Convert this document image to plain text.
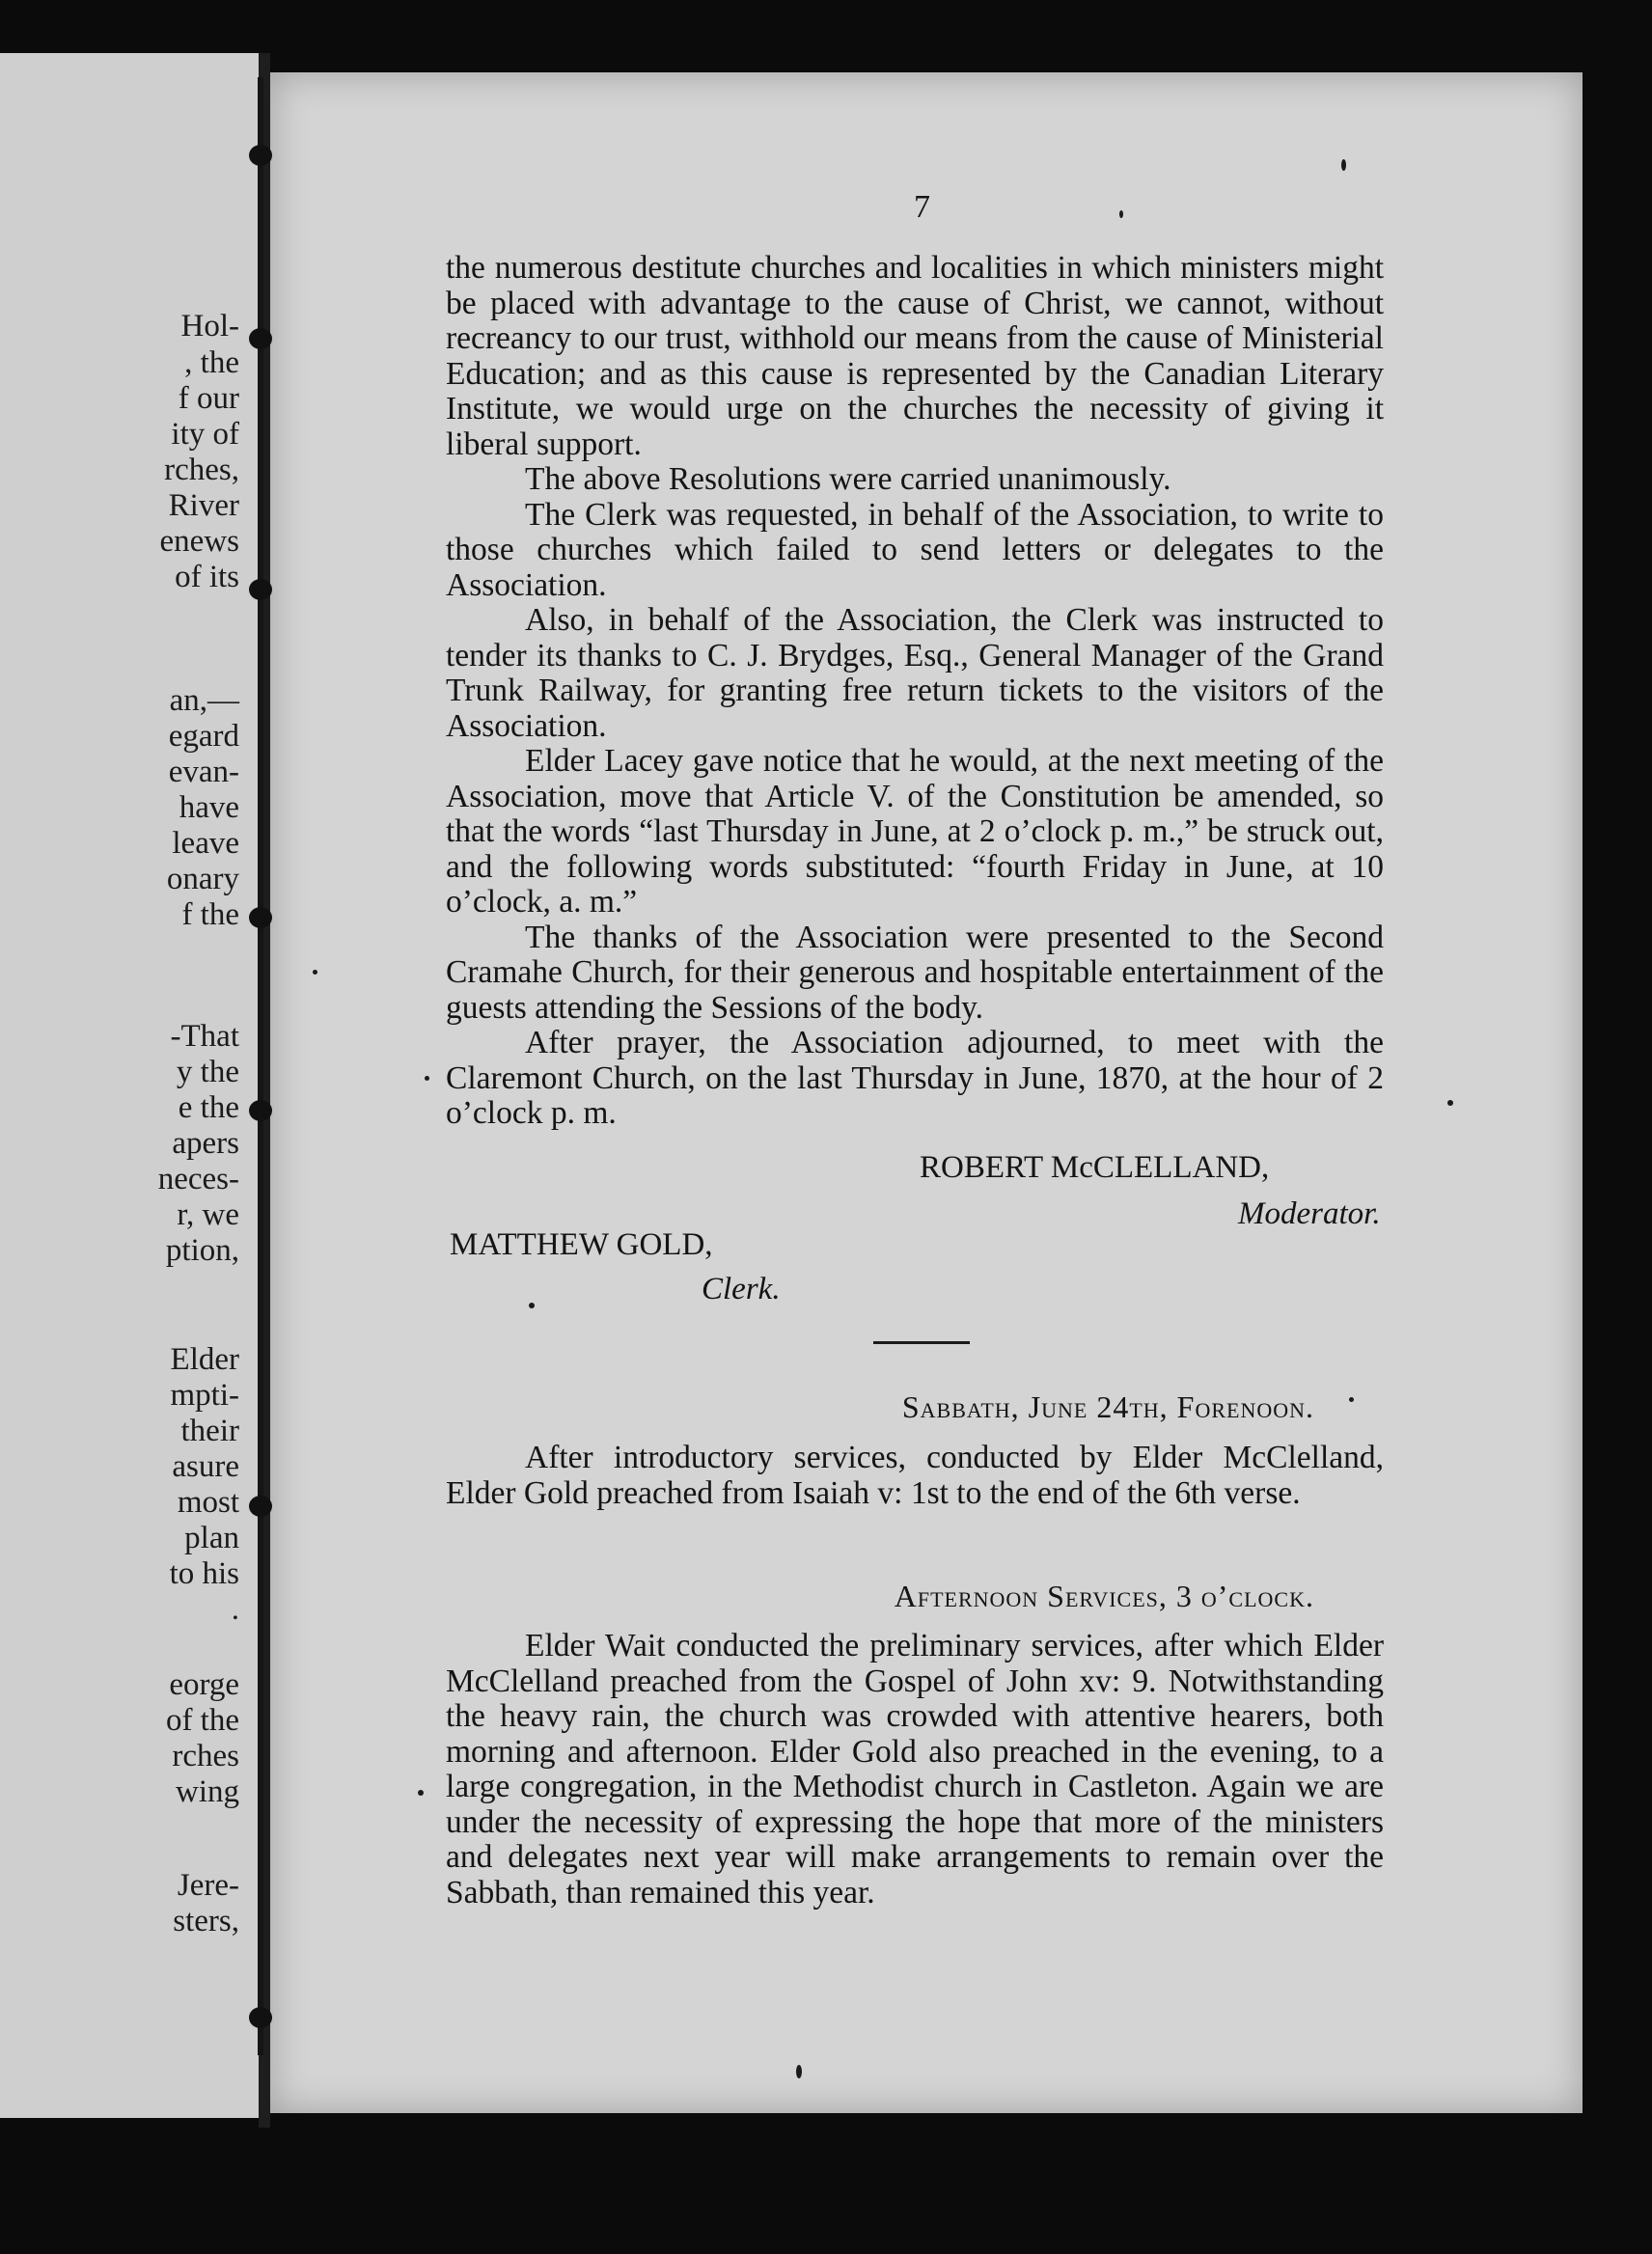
Hol-
, the
f our
ity of
rches,
River
enews
of its
an,—
egard
evan-
have
leave
onary
f the
-That
y the
e the
apers
neces-
r, we
ption,
Elder
mpti-
their
asure
most
plan
to his
.
eorge
of the
rches
wing
Jere-
sters,
7

the numerous destitute churches and localities in which ministers might be placed with advantage to the cause of Christ, we cannot, without recreancy to our trust, withhold our means from the cause of Ministerial Education; and as this cause is represented by the Canadian Literary Institute, we would urge on the churches the necessity of giving it liberal support.

The above Resolutions were carried unanimously.

The Clerk was requested, in behalf of the Association, to write to those churches which failed to send letters or delegates to the Association.

Also, in behalf of the Association, the Clerk was instructed to tender its thanks to C. J. Brydges, Esq., General Manager of the Grand Trunk Railway, for granting free return tickets to the visitors of the Association.

Elder Lacey gave notice that he would, at the next meeting of the Association, move that Article V. of the Constitution be amended, so that the words “last Thursday in June, at 2 o’clock p. m.,” be struck out, and the following words substituted: “fourth Friday in June, at 10 o’clock, a. m.”

The thanks of the Association were presented to the Second Cramahe Church, for their generous and hospitable entertainment of the guests attending the Sessions of the body.

After prayer, the Association adjourned, to meet with the Claremont Church, on the last Thursday in June, 1870, at the hour of 2 o’clock p. m.

ROBERT McCLELLAND,
Moderator.
MATTHEW GOLD,
Clerk.
Sabbath, June 24th, Forenoon.

After introductory services, conducted by Elder McClelland, Elder Gold preached from Isaiah v: 1st to the end of the 6th verse.

Afternoon Services, 3 o’clock.

Elder Wait conducted the preliminary services, after which Elder McClelland preached from the Gospel of John xv: 9. Notwithstanding the heavy rain, the church was crowded with attentive hearers, both morning and afternoon. Elder Gold also preached in the evening, to a large congregation, in the Methodist church in Castleton. Again we are under the necessity of expressing the hope that more of the ministers and delegates next year will make arrangements to remain over the Sabbath, than remained this year.
